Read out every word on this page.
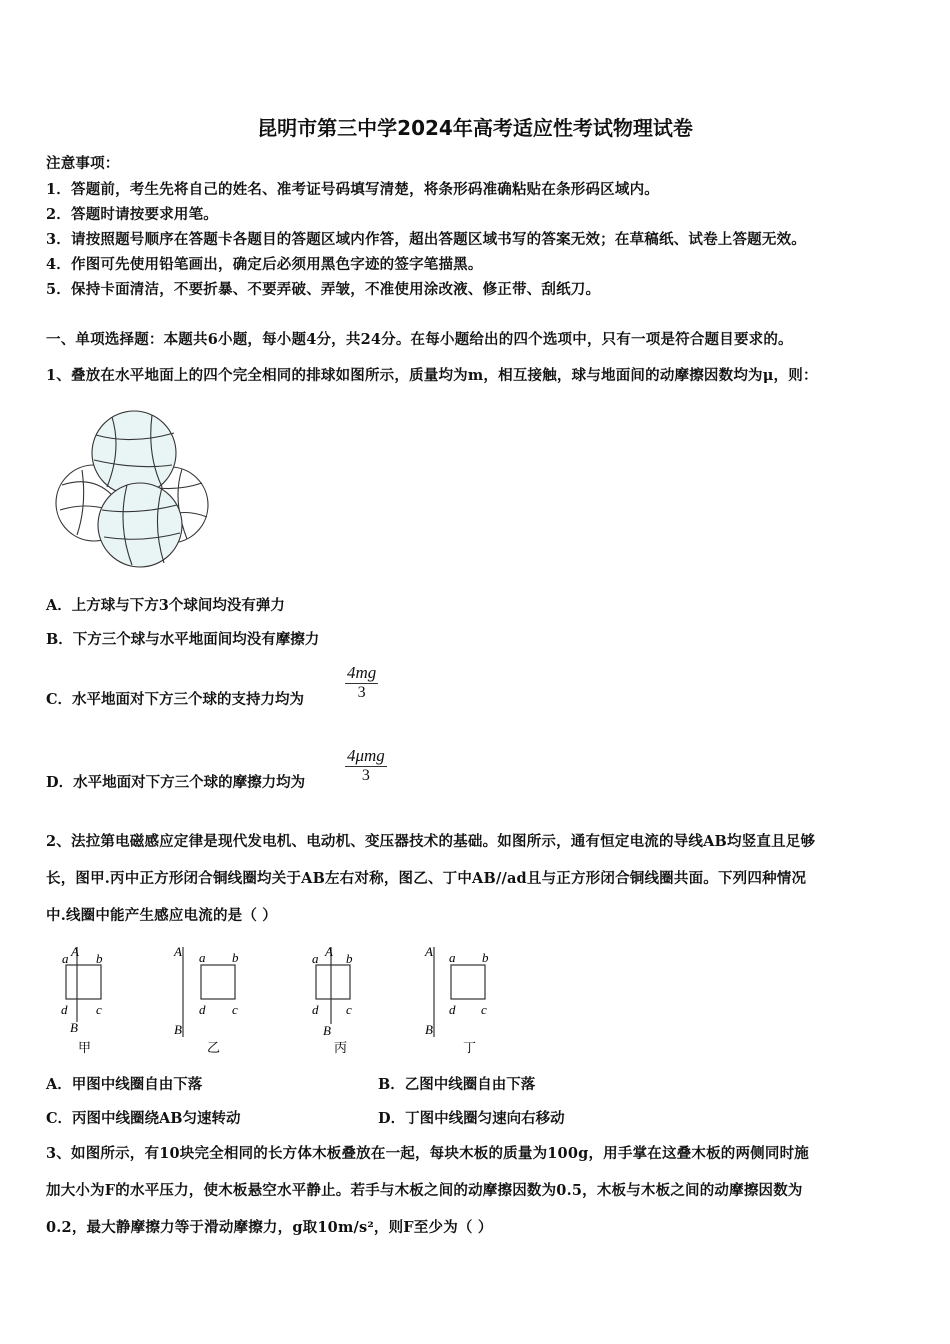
昆明市第三中学2024年高考适应性考试物理试卷
注意事项：
1．答题前，考生先将自己的姓名、准考证号码填写清楚，将条形码准确粘贴在条形码区域内。
2．答题时请按要求用笔。
3．请按照题号顺序在答题卡各题目的答题区域内作答，超出答题区域书写的答案无效；在草稿纸、试卷上答题无效。
4．作图可先使用铅笔画出，确定后必须用黑色字迹的签字笔描黑。
5．保持卡面清洁，不要折暴、不要弄破、弄皱，不准使用涂改液、修正带、刮纸刀。
一、单项选择题：本题共6小题，每小题4分，共24分。在每小题给出的四个选项中，只有一项是符合题目要求的。
1、叠放在水平地面上的四个完全相同的排球如图所示，质量均为m，相互接触，球与地面间的动摩擦因数均为μ，则：
A．上方球与下方3个球间均没有弹力
B．下方三个球与水平地面间均没有摩擦力
C．水平地面对下方三个球的支持力均为 $\frac{4mg}{3}$
D．水平地面对下方三个球的摩擦力均为
4μmg
3
2、法拉第电磁感应定律是现代发电机、电动机、变压器技术的基础。如图所示，通有恒定电流的导线AB均竖直且足够
长，图甲.丙中正方形闭合铜线圈均关于AB左右对称，图乙、丁中AB//ad且与正方形闭合铜线圈共面。下列四种情况
中.线圈中能产生感应电流的是（ ）
A
a b
d c
B
甲
A a b
d c
B
乙
A
a b
d c
B
丙
A a b
d c
B
丁
A．甲图中线圈自由下落	B．乙图中线圈自由下落
C．丙图中线圈绕AB匀速转动	D．丁图中线圈匀速向右移动
3、如图所示，有10块完全相同的长方体木板叠放在一起，每块木板的质量为100g，用手掌在这叠木板的两侧同时施
加大小为F的水平压力，使木板悬空水平静止。若手与木板之间的动摩擦因数为0.5，木板与木板之间的动摩擦因数为
0.2，最大静摩擦力等于滑动摩擦力，g取10m/s²，则F至少为（ ）
